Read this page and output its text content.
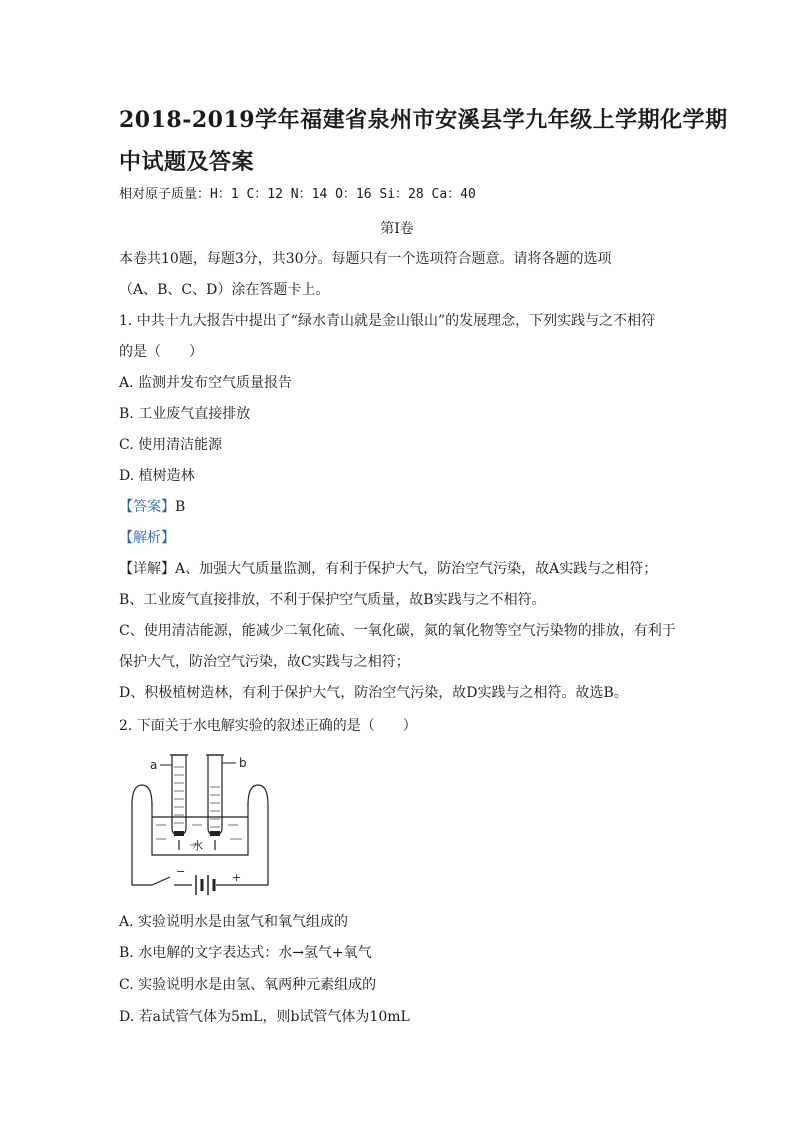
2018-2019学年福建省泉州市安溪县学九年级上学期化学期
中试题及答案
相对原子质量：H：1 C：12 N：14 O：16 Si：28 Ca：40
第Ⅰ卷
本卷共10题，每题3分，共30分。每题只有一个选项符合题意。请将各题的选项
（A、B、C、D）涂在答题卡上。
1. 中共十九大报告中提出了“绿水青山就是金山银山”的发展理念，下列实践与之不相符
的是（　　）
A. 监测并发布空气质量报告
B. 工业废气直接排放
C. 使用清洁能源
D. 植树造林
【答案】B
【解析】
【详解】A、加强大气质量监测，有利于保护大气，防治空气污染，故A实践与之相符；
B、工业废气直接排放，不利于保护空气质量，故B实践与之不相符。
C、使用清洁能源，能减少二氧化硫、一氧化碳，氮的氧化物等空气污染物的排放，有利于
保护大气，防治空气污染，故C实践与之相符；
D、积极植树造林，有利于保护大气，防治空气污染，故D实践与之相符。故选B。
2. 下面关于水电解实验的叙述正确的是（　　）
a	b
水
−	+
A. 实验说明水是由氢气和氧气组成的
B. 水电解的文字表达式：水→氢气+氧气
C. 实验说明水是由氢、氧两种元素组成的
D. 若a试管气体为5mL，则b试管气体为10mL
